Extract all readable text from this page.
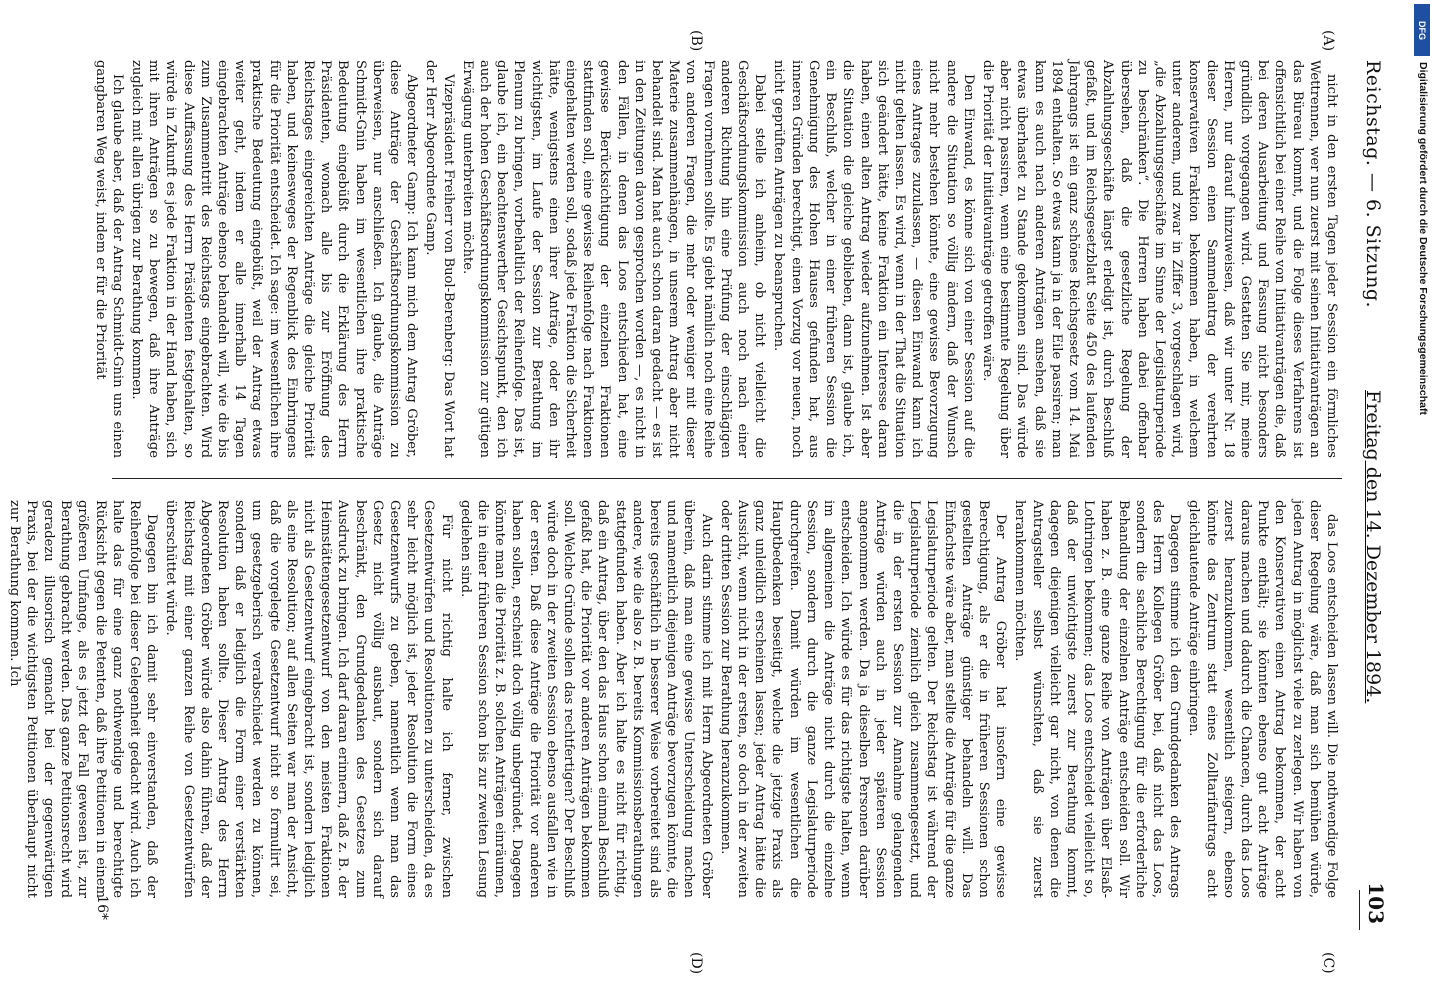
Reichstag. — 6. Sitzung.
Freitag den 14. Dezember 1894.
103
(A)
(B)
(C)
(D)

nicht in den ersten Tagen jeder Session ein förmliches Wettrennen, wer nun zuerst mit seinen Initiativanträgen an das Büreau kommt, und die Folge dieses Verfahrens ist offensichtlich bei einer Reihe von Initiativanträgen die, daß bei deren Ausarbeitung und Fassung nicht besonders gründlich vorgegangen wird. Gestatten Sie mir, meine Herren, nur darauf hinzuweisen, daß wir unter Nr. 18 dieser Session einen Sammelantrag der verehrten konservativen Fraktion bekommen haben, in welchem unter anderem, und zwar in Ziffer 3, vorgeschlagen wird, „die Abzahlungsgeschäfte im Sinne der Legislaturperiode zu beschränken“. Die Herren haben dabei offenbar übersehen, daß die gesetzliche Regelung der Abzahlungsgeschäfte längst erledigt ist, durch Beschluß gefaßt, und im Reichsgesetzblatt Seite 450 des laufenden Jahrgangs ist ein ganz schönes Reichsgesetz vom 14. Mai 1894 enthalten. So etwas kann ja in der Eile passiren; man kann es auch nach anderen Anträgen ansehen, daß sie etwas überhastet zu Stande gekommen sind. Das würde aber nicht passiren, wenn eine bestimmte Regelung über die Priorität der Initiativanträge getroffen wäre.

Den Einwand, es könne sich von einer Session auf die andere die Situation so völlig ändern, daß der Wunsch nicht mehr bestehen könnte, eine gewisse Bevorzugung eines Antrages zuzulassen, — diesen Einwand kann ich nicht gelten lassen. Es wird, wenn in der That die Situation sich geändert hätte, keine Fraktion ein Interesse daran haben, einen alten Antrag wieder aufzunehmen. Ist aber die Situation die gleiche geblieben, dann ist, glaube ich, ein Beschluß, welcher in einer früheren Session die Genehmigung des Hohen Hauses gefunden hat, aus inneren Gründen berechtigt, einen Vorzug vor neuen, noch nicht geprüften Anträgen zu beanspruchen.

Dabei stelle ich anheim, ob nicht vielleicht die Geschäftsordnungskommission auch noch nach einer anderen Richtung hin eine Prüfung der einschlägigen Fragen vornehmen sollte. Es giebt nämlich noch eine Reihe von anderen Fragen, die mehr oder weniger mit dieser Materie zusammenhängen, in unserem Antrag aber nicht behandelt sind. Man hat auch schon daran gedacht — es ist in den Zeitungen davon gesprochen worden —, es nicht in den Fällen, in denen das Loos entschieden hat, eine gewisse Berücksichtigung der einzelnen Fraktionen stattfinden soll, eine gewisse Reihenfolge nach Fraktionen eingehalten werden soll, sodaß jede Fraktion die Sicherheit hätte, wenigstens einen ihrer Anträge, oder den ihr wichtigsten, im Laufe der Session zur Berathung im Plenum zu bringen, vorbehaltlich der Reihenfolge. Das ist, glaube ich, ein beachtenswerther Gesichtspunkt, den ich auch der hohen Geschäftsordnungskommission zur gütigen Erwägung unterbreiten möchte.

Vizepräsident Freiherr von Buol-Berenberg: Das Wort hat der Herr Abgeordnete Gamp.

Abgeordneter Gamp: Ich kann mich dem Antrag Gröber, diese Anträge der Geschäftsordnungskommission zu überweisen, nur anschließen. Ich glaube, die Anträge Schmidt-Gnin haben im wesentlichen ihre praktische Bedeutung eingebüßt durch die Erklärung des Herrn Präsidenten, wonach alle bis zur Eröffnung des Reichstages eingereichten Anträge die gleiche Priorität haben, und keinesweges der Regenblick des Einbringens für die Priorität entscheidet. Ich sage: im wesentlichen ihre praktische Bedeutung eingebüßt, weil der Antrag etwas weiter geht, indem er alle innerhalb 14 Tagen eingebrachten Anträge ebenso behandeln will, wie die bis zum Zusammentritt des Reichstags eingebrachten. Wird diese Auffassung des Herrn Präsidenten festgehalten, so würde in Zukunft es jede Fraktion in der Hand haben, sich mit ihren Anträgen so zu bewegen, daß ihre Anträge zugleich mit allen übrigen zur Berathung kommen.

Ich glaube aber, daß der Antrag Schmidt-Gnin uns einen gangbaren Weg weist, indem er für die Priorität

das Loos entscheiden lassen will. Die nothwendige Folge dieser Regelung wäre, daß man sich bemühen würde, jeden Antrag in möglichst viele zu zerlegen. Wir haben von den Konservativen einen Antrag bekommen, der acht Punkte enthält; sie könnten ebenso gut acht Anträge daraus machen und dadurch die Chancen, durch das Loos zuerst heranzukommen, wesentlich steigern, ebenso könnte das Zentrum statt eines Zolltarifantrags acht gleichlautende Anträge einbringen.

Dagegen stimme ich dem Grundgedanken des Antrags des Herrn Kollegen Gröber bei, daß nicht das Loos, sondern die sachliche Berechtigung für die erforderliche Behandlung der einzelnen Anträge entscheiden soll. Wir haben z. B. eine ganze Reihe von Anträgen über Elsaß-Lothringen bekommen; das Loos entscheidet vielleicht so, daß der unwichtigste zuerst zur Berathung kommt, dagegen diejenigen vielleicht gar nicht, von denen die Antragsteller selbst wünschten, daß sie zuerst herankommen möchten.

Der Antrag Gröber hat insofern eine gewisse Berechtigung, als er die in früheren Sessionen schon gestellten Anträge günstiger behandeln will. Das Einfachste wäre aber, man stellte die Anträge für die ganze Legislaturperiode gelten. Der Reichstag ist während der Legislaturperiode ziemlich gleich zusammengesetzt, und die in der ersten Session zur Annahme gelangenden Anträge würden auch in jeder späteren Session angenommen werden. Da ja dieselben Personen darüber entscheiden. Ich würde es für das richtigste halten, wenn im allgemeinen die Anträge nicht durch die einzelne Session, sondern durch die ganze Legislaturperiode durchgreifen. Damit würden im wesentlichen die Hauptbedenken beseitigt, welche die jetzige Praxis als ganz unleidlich erscheinen lassen; jeder Antrag hätte die Aussicht, wenn nicht in der ersten, so doch in der zweiten oder dritten Session zur Berathung heranzukommen.

Auch darin stimme ich mit Herrn Abgeordneten Gröber überein, daß man eine gewisse Unterscheidung machen und namentlich diejenigen Anträge bevorzugen könnte, die bereits geschäftlich in besserer Weise vorbereitet sind als andere, wie die also z. B. bereits Kommissionsberathungen stattgefunden haben. Aber ich halte es nicht für richtig, daß ein Antrag, über den das Haus schon einmal Beschluß gefaßt hat, die Priorität vor anderen Anträgen bekommen soll. Welche Gründe sollen das rechtfertigen? Der Beschluß würde doch in der zweiten Session ebenso ausfallen wie in der ersten. Daß diese Anträge die Priorität vor anderen haben sollen, erscheint doch völlig unbegründet. Dagegen könnte man die Priorität z. B. solchen Anträgen einräumen, die in einer früheren Session schon bis zur zweiten Lesung gediehen sind.

Für nicht richtig halte ich ferner, zwischen Gesetzentwürfen und Resolutionen zu unterscheiden, da es sehr leicht möglich ist, jeder Resolution die Form eines Gesetzentwurfs zu geben, namentlich wenn man das Gesetz nicht völlig ausbaut, sondern sich darauf beschränkt, den Grundgedanken des Gesetzes zum Ausdruck zu bringen. Ich darf daran erinnern, daß z. B. der Heimstättengesetzentwurf von den meisten Fraktionen nicht als Gesetzentwurf eingebracht ist, sondern lediglich als eine Resolution; auf allen Seiten war man der Ansicht, daß die vorgelegte Gesetzentwurf nicht so formulirt sei, um gesetzgeberisch verabschiedet werden zu können, sondern daß er lediglich die Form einer verstärkten Resolution haben sollte. Dieser Antrag des Herrn Abgeordneten Gröber würde also dahin führen, daß der Reichstag mit einer ganzen Reihe von Gesetzentwürfen überschüttet würde.

Dagegen bin ich damit sehr einverstanden, daß der Reihenfolge bei dieser Gelegenheit gedacht wird. Auch ich halte das für eine ganz nothwendige und berechtigte Rücksicht gegen die Petenten, daß ihre Petitionen in einem größeren Umfange, als es jetzt der Fall gewesen ist, zur Berathung gebracht werden. Das ganze Petitionsrecht wird geradezu illusorisch gemacht bei der gegenwärtigen Praxis, bei der die wichtigsten Petitionen überhaupt nicht zur Berathung kommen. Ich

16*
DFG
Digitalisierung gefördert durch die Deutsche Forschungsgemeinschaft
